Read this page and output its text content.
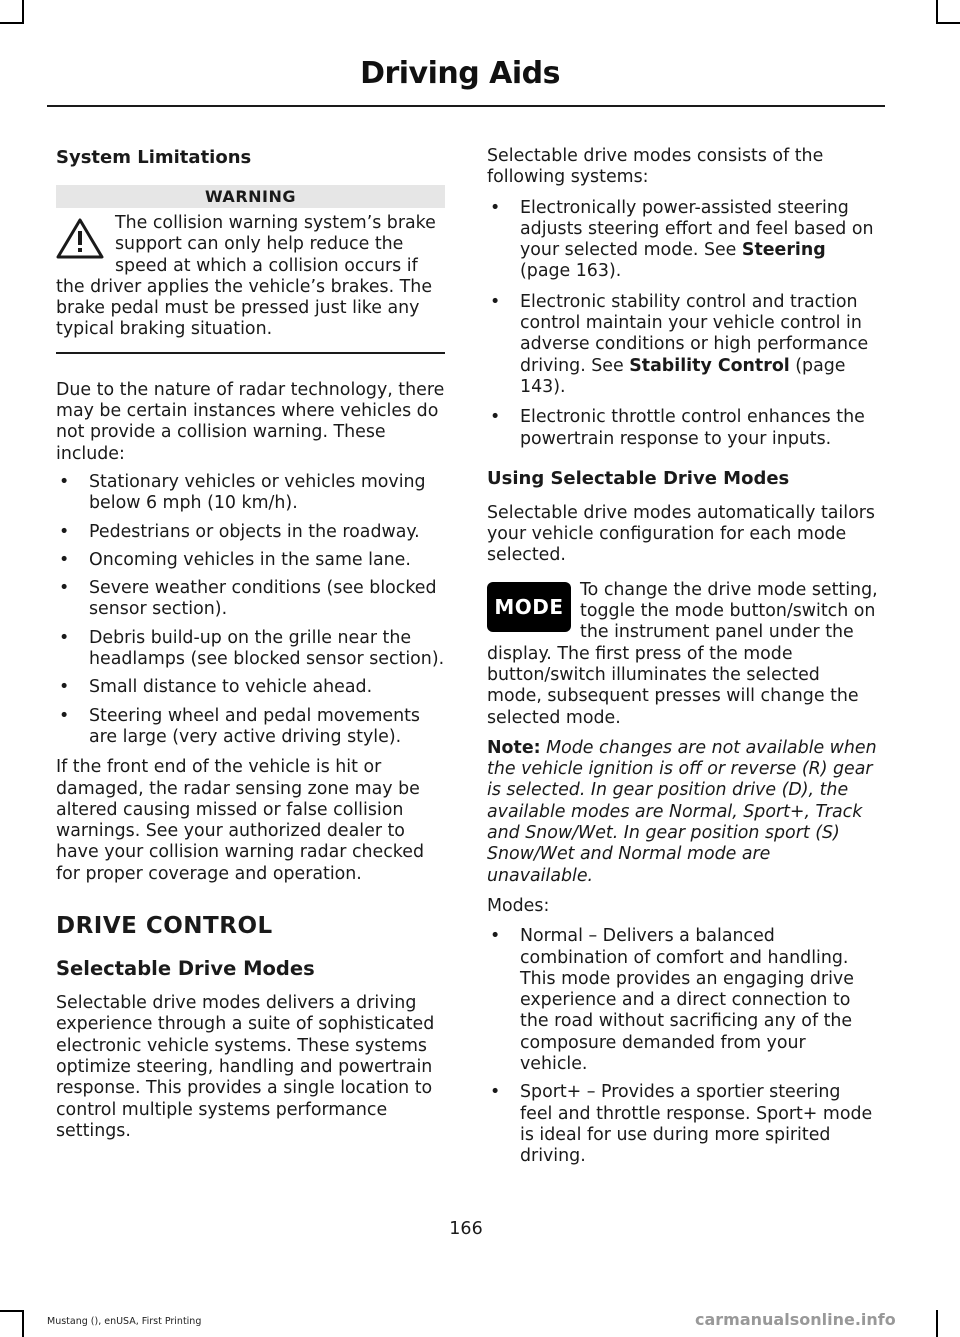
Driving Aids
System Limitations
WARNING

The collision warning system’s brake support can only help reduce the speed at which a collision occurs if the driver applies the vehicle’s brakes. The brake pedal must be pressed just like any typical braking situation.

Due to the nature of radar technology, there may be certain instances where vehicles do not provide a collision warning. These include:

• Stationary vehicles or vehicles moving below 6 mph (10 km/h).
• Pedestrians or objects in the roadway.
• Oncoming vehicles in the same lane.
• Severe weather conditions (see blocked sensor section).
• Debris build-up on the grille near the headlamps (see blocked sensor section).
• Small distance to vehicle ahead.
• Steering wheel and pedal movements are large (very active driving style).

If the front end of the vehicle is hit or damaged, the radar sensing zone may be altered causing missed or false collision warnings. See your authorized dealer to have your collision warning radar checked for proper coverage and operation.

DRIVE CONTROL
Selectable Drive Modes

Selectable drive modes delivers a driving experience through a suite of sophisticated electronic vehicle systems. These systems optimize steering, handling and powertrain response. This provides a single location to control multiple systems performance settings.

Selectable drive modes consists of the following systems:

• Electronically power-assisted steering adjusts steering effort and feel based on your selected mode. See Steering (page 163).
• Electronic stability control and traction control maintain your vehicle control in adverse conditions or high performance driving. See Stability Control (page 143).
• Electronic throttle control enhances the powertrain response to your inputs.
Using Selectable Drive Modes

Selectable drive modes automatically tailors your vehicle configuration for each mode selected.

MODE

To change the drive mode setting, toggle the mode button/switch on the instrument panel under the display. The first press of the mode button/switch illuminates the selected mode, subsequent presses will change the selected mode.

Note: Mode changes are not available when the vehicle ignition is off or reverse (R) gear is selected. In gear position drive (D), the available modes are Normal, Sport+, Track and Snow/Wet. In gear position sport (S) Snow/Wet and Normal mode are unavailable.

Modes:

• Normal – Delivers a balanced combination of comfort and handling. This mode provides an engaging drive experience and a direct connection to the road without sacrificing any of the composure demanded from your vehicle.
• Sport+ – Provides a sportier steering feel and throttle response. Sport+ mode is ideal for use during more spirited driving.
166
Mustang (), enUSA, First Printing	carmanualsonline.info
